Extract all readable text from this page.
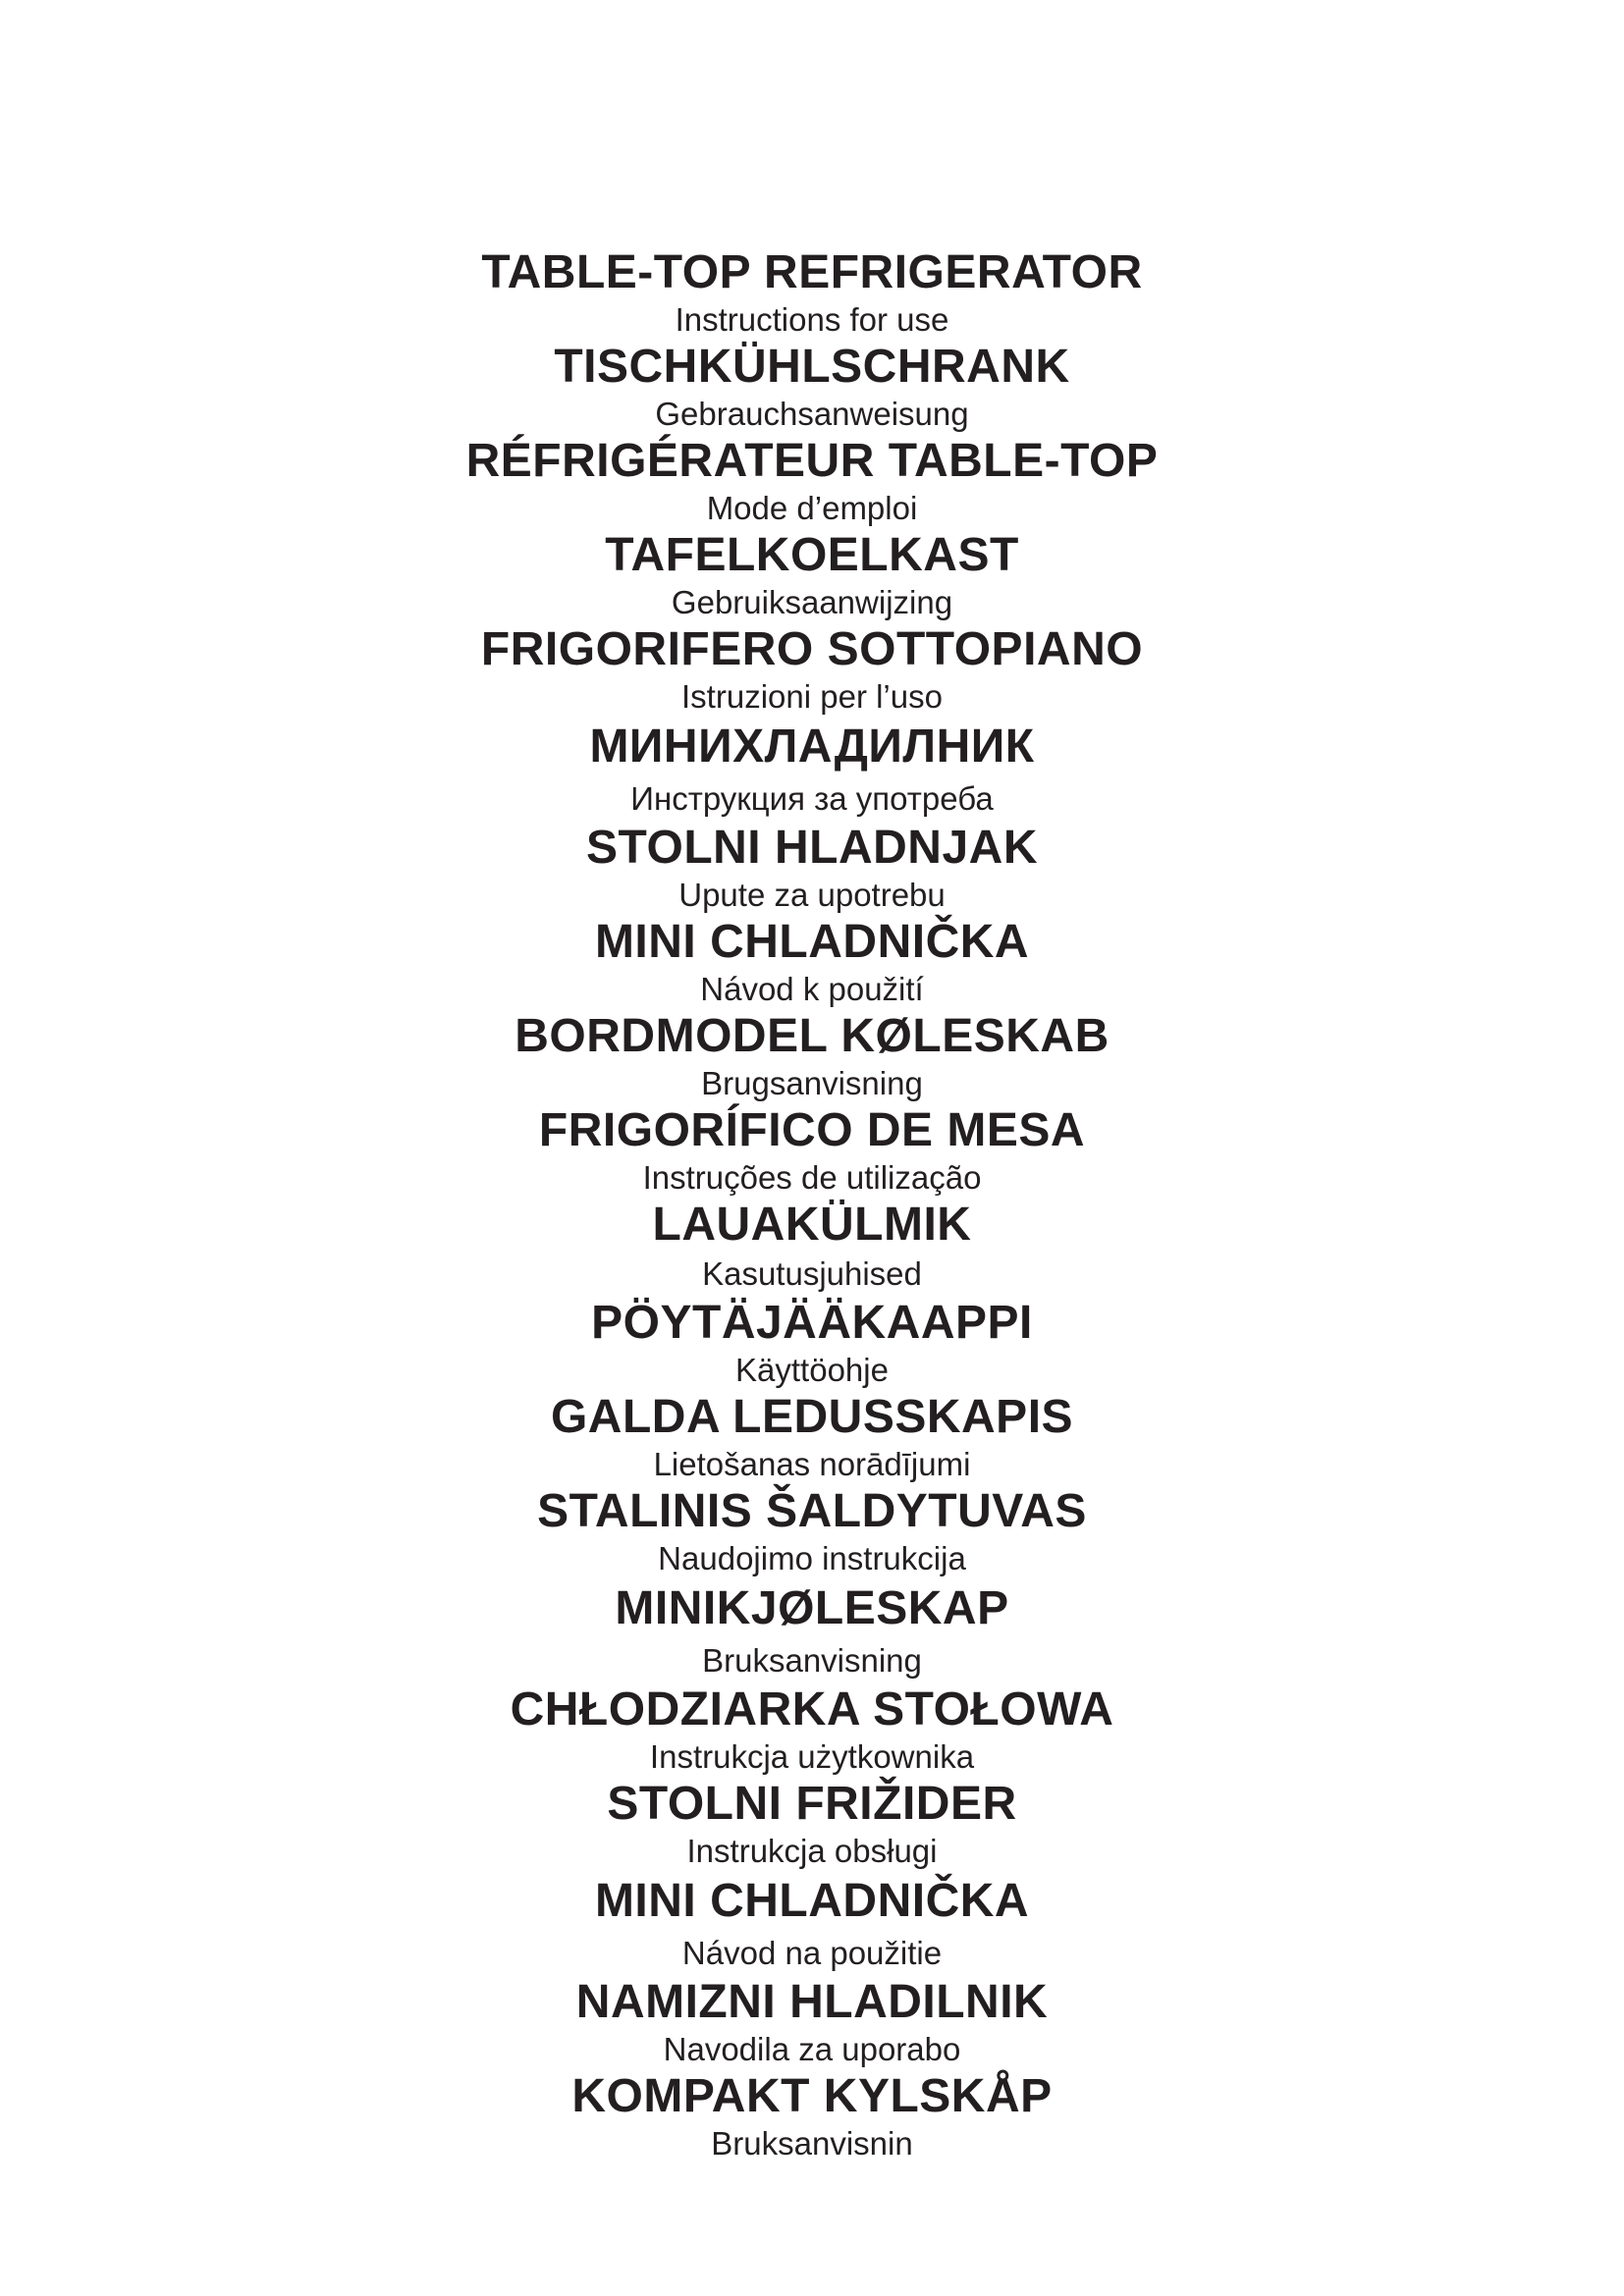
TABLE-TOP REFRIGERATOR
Instructions for use
TISCHKÜHLSCHRANK
Gebrauchsanweisung
RÉFRIGÉRATEUR TABLE-TOP
Mode d’emploi
TAFELKOELKAST
Gebruiksaanwijzing
FRIGORIFERO SOTTOPIANO
Istruzioni per l’uso
МИНИХЛАДИЛНИК
Инструкция за употреба
STOLNI HLADNJAK
Upute za upotrebu
MINI CHLADNIČKA
Návod k použití
BORDMODEL KØLESKAB
Brugsanvisning
FRIGORÍFICO DE MESA
Instruções de utilização
LAUAKÜLMIK
Kasutusjuhised
PÖYTÄJÄÄKAAPPI
Käyttöohje
GALDA LEDUSSKAPIS
Lietošanas norādījumi
STALINIS ŠALDYTUVAS
Naudojimo instrukcija
MINIKJØLESKAP
Bruksanvisning
CHŁODZIARKA STOŁOWA
Instrukcja użytkownika
STOLNI FRIŽIDER
Instrukcja obsługi
MINI CHLADNIČKA
Návod na použitie
NAMIZNI HLADILNIK
Navodila za uporabo
KOMPAKT KYLSKÅP
Bruksanvisnin
